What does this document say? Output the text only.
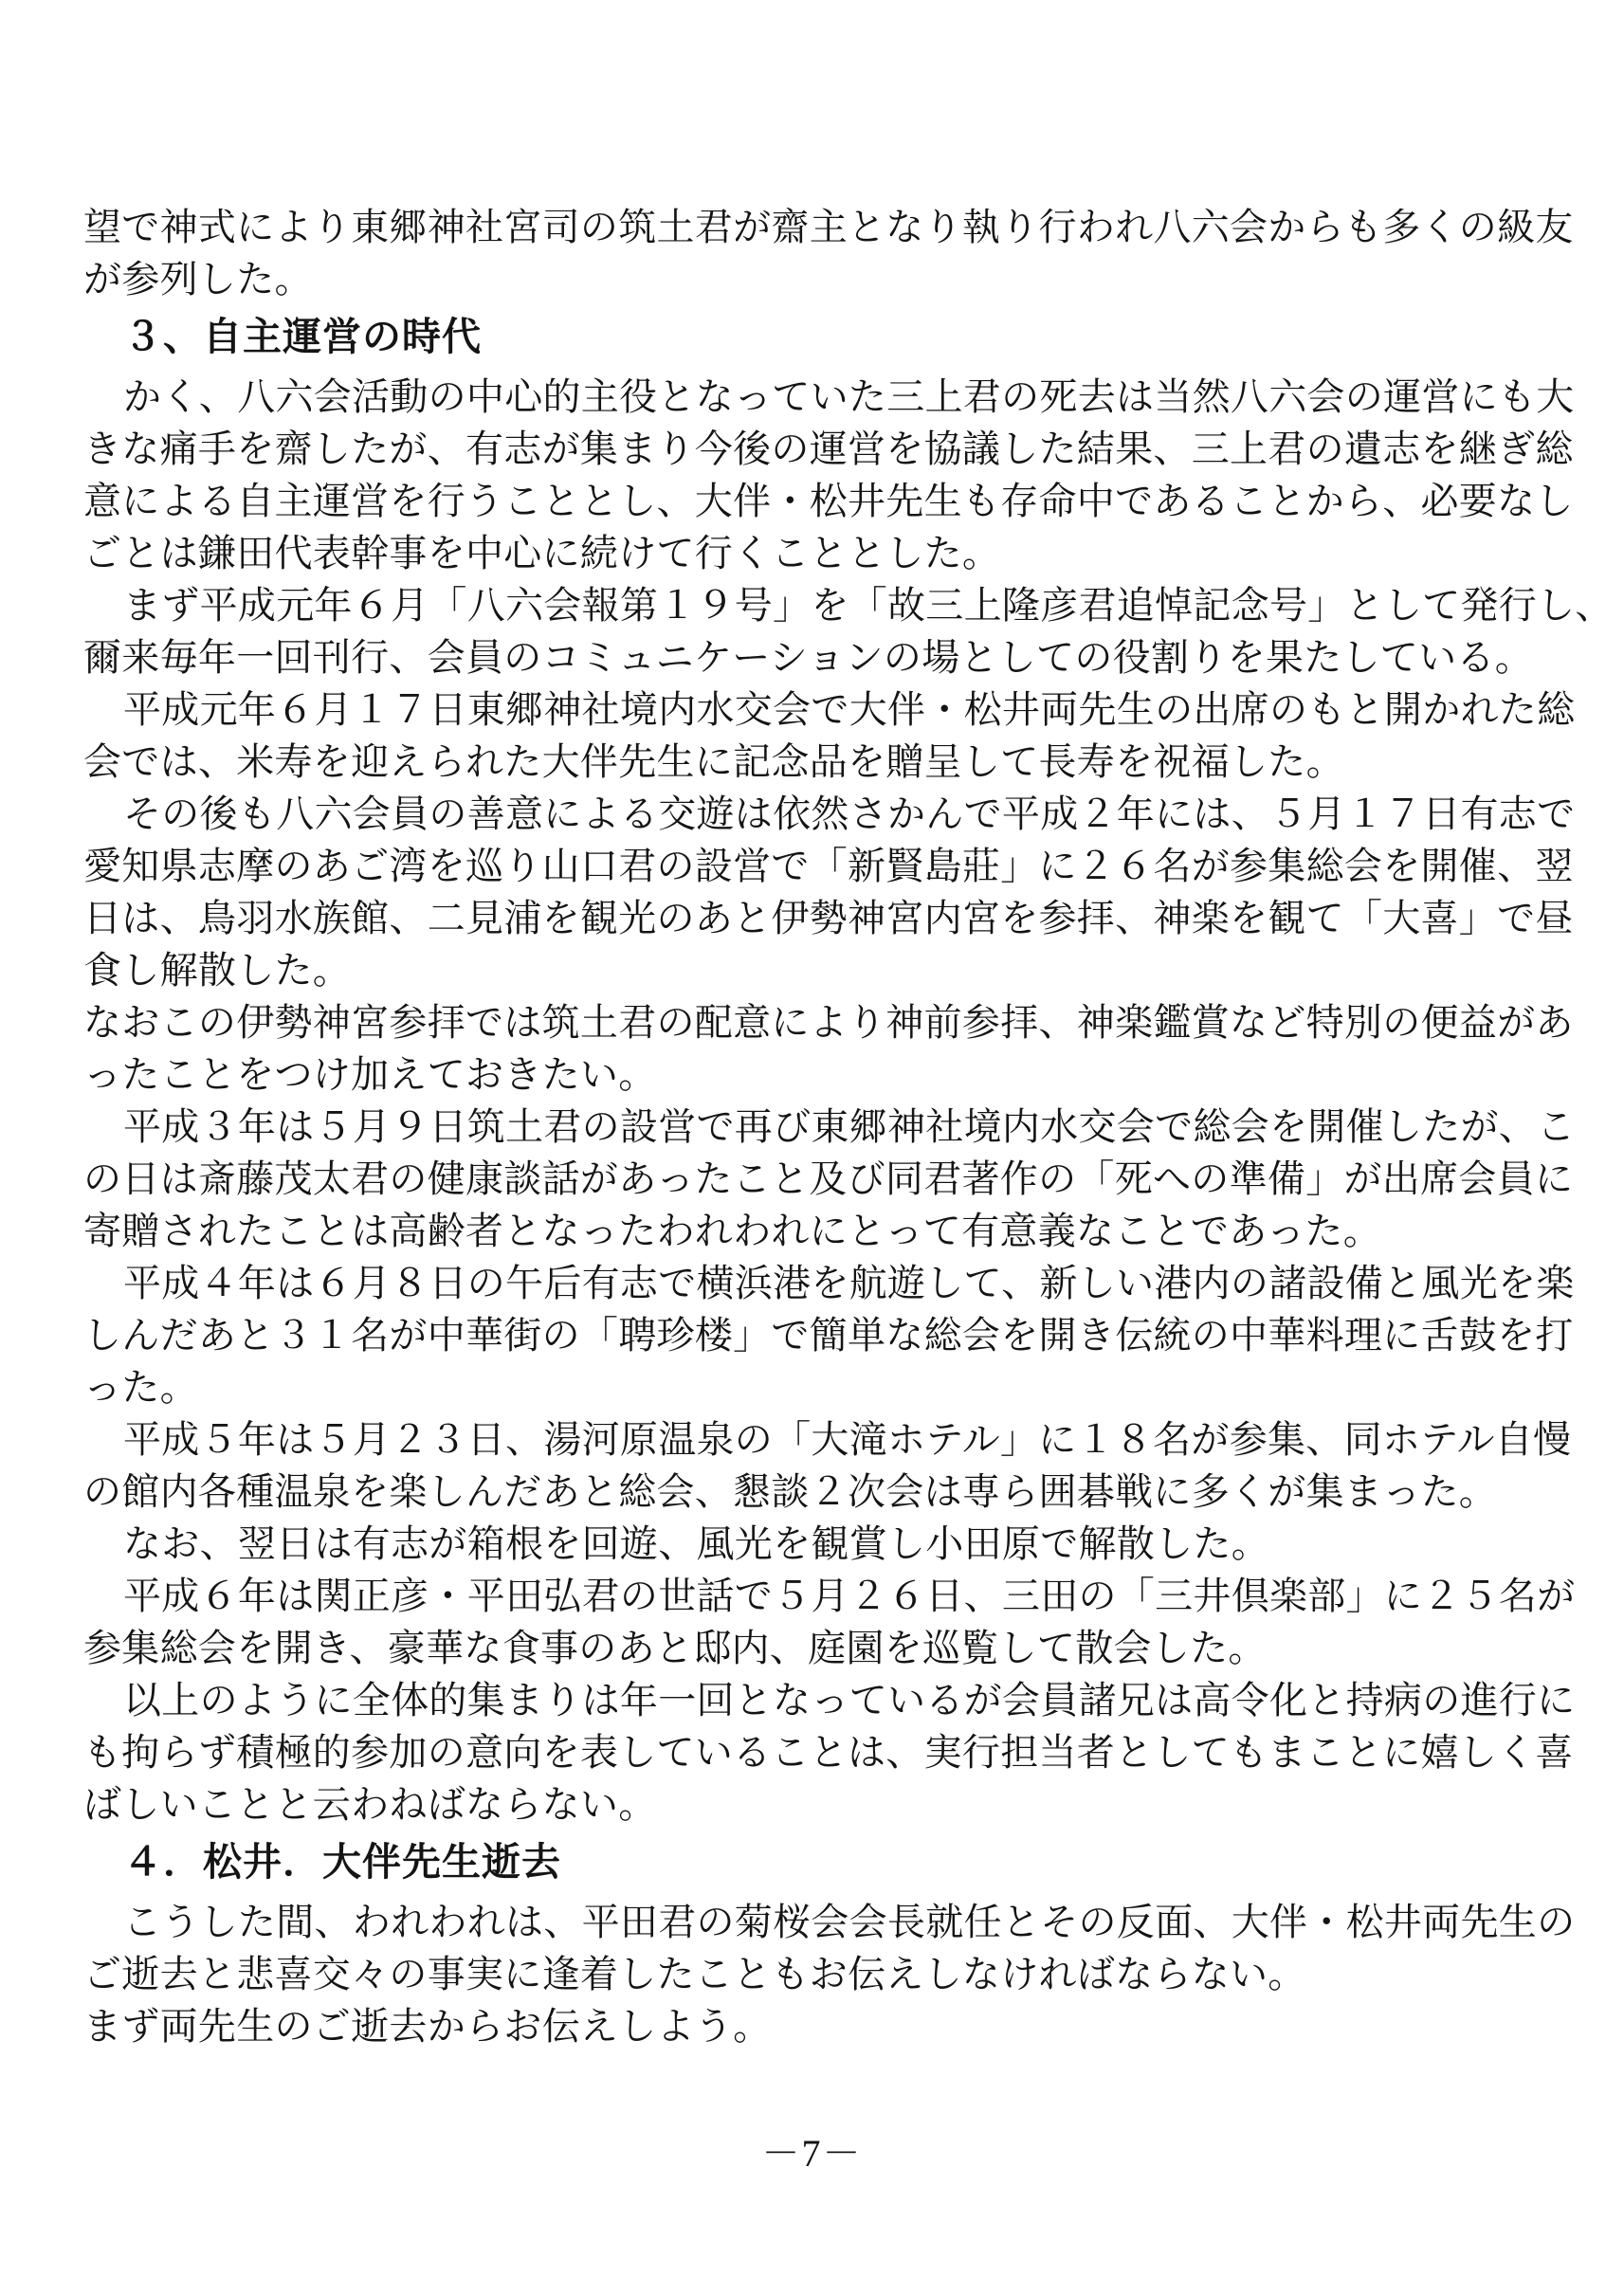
望で神式により東郷神社宮司の筑土君が齋主となり執り行われ八六会からも多くの級友
が参列した。
３、自主運営の時代
かく、八六会活動の中心的主役となっていた三上君の死去は当然八六会の運営にも大
きな痛手を齋したが、有志が集まり今後の運営を協議した結果、三上君の遺志を継ぎ総
意による自主運営を行うこととし、大伴・松井先生も存命中であることから、必要なし
ごとは鎌田代表幹事を中心に続けて行くこととした。
まず平成元年６月「八六会報第１９号」を「故三上隆彦君追悼記念号」として発行し、
爾来毎年一回刊行、会員のコミュニケーションの場としての役割りを果たしている。
平成元年６月１７日東郷神社境内水交会で大伴・松井両先生の出席のもと開かれた総
会では、米寿を迎えられた大伴先生に記念品を贈呈して長寿を祝福した。
その後も八六会員の善意による交遊は依然さかんで平成２年には、５月１７日有志で
愛知県志摩のあご湾を巡り山口君の設営で「新賢島莊」に２６名が参集総会を開催、翌
日は、鳥羽水族館、二見浦を観光のあと伊勢神宮内宮を参拝、神楽を観て「大喜」で昼
食し解散した。
なおこの伊勢神宮参拝では筑土君の配意により神前参拝、神楽鑑賞など特別の便益があ
ったことをつけ加えておきたい。
平成３年は５月９日筑土君の設営で再び東郷神社境内水交会で総会を開催したが、こ
の日は斎藤茂太君の健康談話があったこと及び同君著作の「死への準備」が出席会員に
寄贈されたことは高齢者となったわれわれにとって有意義なことであった。
平成４年は６月８日の午后有志で横浜港を航遊して、新しい港内の諸設備と風光を楽
しんだあと３１名が中華街の「聘珍楼」で簡単な総会を開き伝統の中華料理に舌鼓を打
った。
平成５年は５月２３日、湯河原温泉の「大滝ホテル」に１８名が参集、同ホテル自慢
の館内各種温泉を楽しんだあと総会、懇談２次会は専ら囲碁戦に多くが集まった。
なお、翌日は有志が箱根を回遊、風光を観賞し小田原で解散した。
平成６年は関正彦・平田弘君の世話で５月２６日、三田の「三井倶楽部」に２５名が
参集総会を開き、豪華な食事のあと邸内、庭園を巡覧して散会した。
以上のように全体的集まりは年一回となっているが会員諸兄は高令化と持病の進行に
も拘らず積極的参加の意向を表していることは、実行担当者としてもまことに嬉しく喜
ばしいことと云わねばならない。
４．松井．大伴先生逝去
こうした間、われわれは、平田君の菊桜会会長就任とその反面、大伴・松井両先生の
ご逝去と悲喜交々の事実に逢着したこともお伝えしなければならない。
まず両先生のご逝去からお伝えしよう。
－7－
